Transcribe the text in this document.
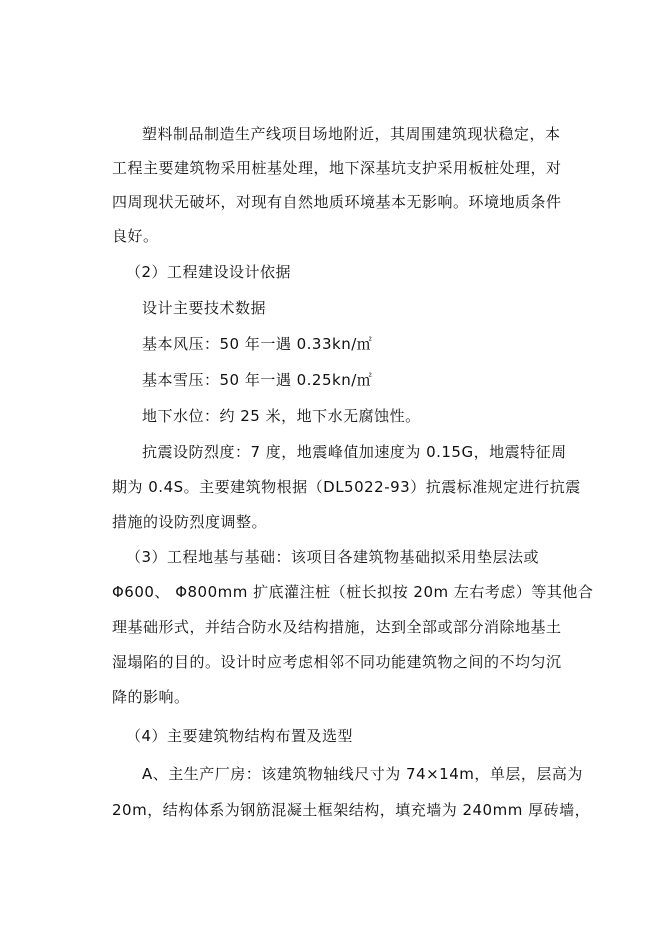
塑料制品制造生产线项目场地附近，其周围建筑现状稳定，本
工程主要建筑物采用桩基处理，地下深基坑支护采用板桩处理，对
四周现状无破坏，对现有自然地质环境基本无影响。环境地质条件
良好。
（2）工程建设设计依据
设计主要技术数据
基本风压：50 年一遇 0.33kn/㎡
基本雪压：50 年一遇 0.25kn/㎡
地下水位：约 25 米，地下水无腐蚀性。
抗震设防烈度：7 度，地震峰值加速度为 0.15G，地震特征周
期为 0.4S。主要建筑物根据（DL5022-93）抗震标准规定进行抗震
措施的设防烈度调整。
（3）工程地基与基础：该项目各建筑物基础拟采用垫层法或
Φ600、 Φ800mm 扩底灌注桩（桩长拟按 20m 左右考虑）等其他合
理基础形式，并结合防水及结构措施，达到全部或部分消除地基土
湿塌陷的目的。设计时应考虑相邻不同功能建筑物之间的不均匀沉
降的影响。
（4）主要建筑物结构布置及选型
A、主生产厂房：该建筑物轴线尺寸为 74×14m，单层，层高为
20m，结构体系为钢筋混凝土框架结构，填充墙为 240mm 厚砖墙，
